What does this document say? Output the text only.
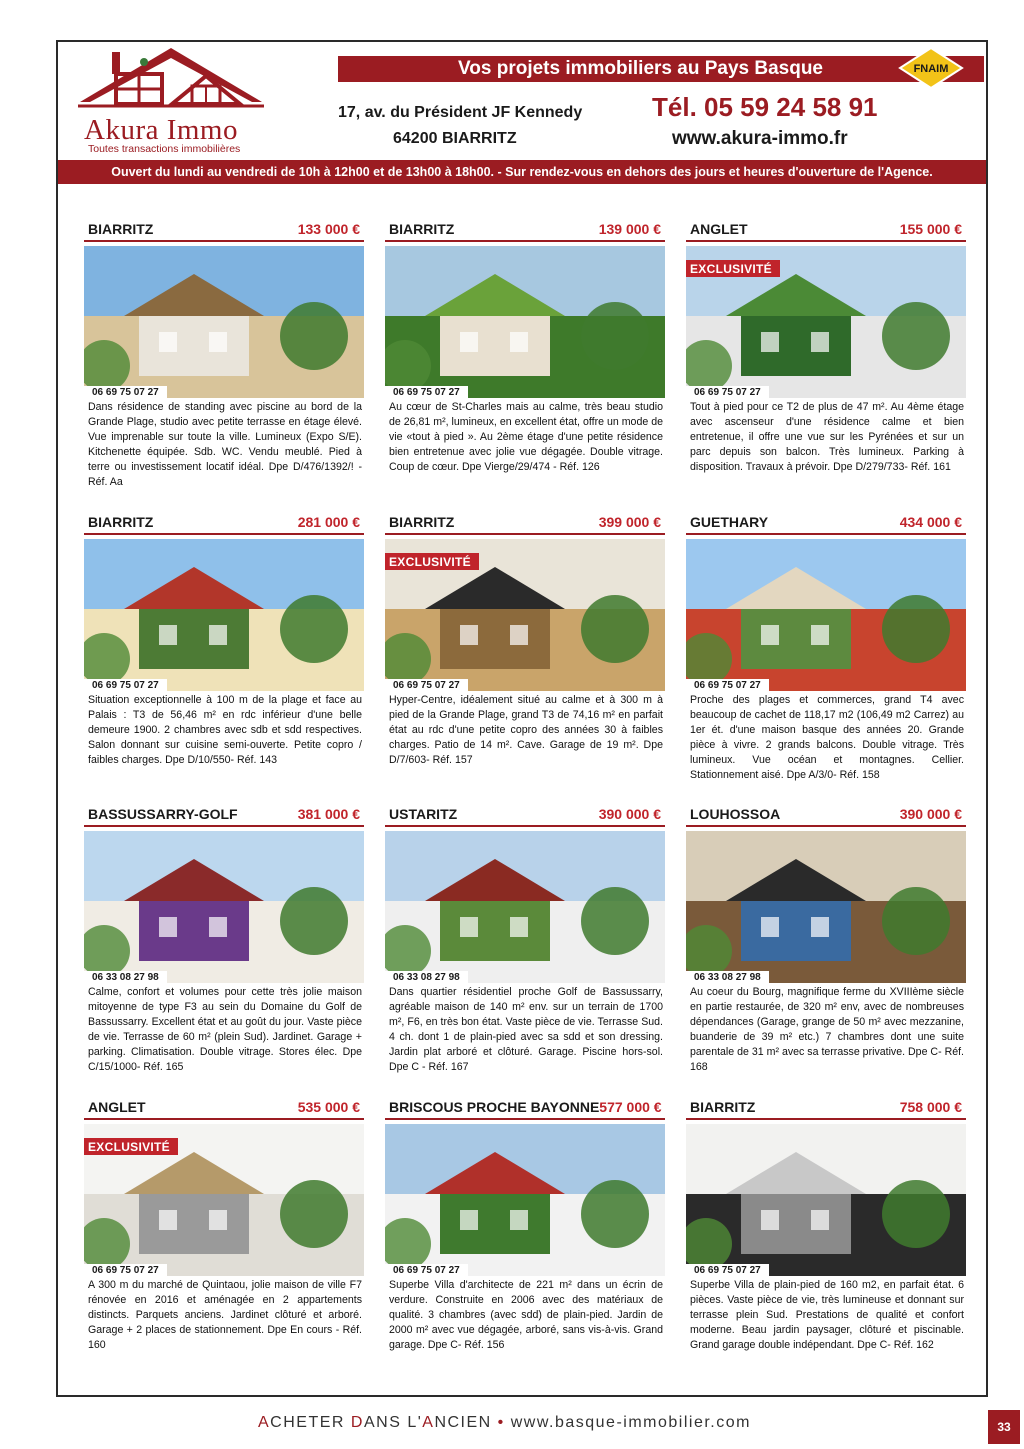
Akura Immo
Toutes transactions immobilières
Vos projets immobiliers au Pays Basque	FNAIM
17, av. du Président JF Kennedy
64200 BIARRITZ
Tél. 05 59 24 58 91
www.akura-immo.fr
Ouvert du lundi au vendredi de 10h à 12h00 et de 13h00 à 18h00. - Sur rendez-vous en dehors des jours et heures d'ouverture de l'Agence.
BIARRITZ	133 000 €
06 69 75 07 27
Dans résidence de standing avec piscine au bord de la Grande Plage, studio avec petite terrasse en étage élevé. Vue imprenable sur toute la ville. Lumineux (Expo S/E). Kitchenette équipée. Sdb. WC. Vendu meublé. Pied à terre ou investissement locatif idéal. Dpe D/476/1392/! - Réf. Aa
BIARRITZ	139 000 €
06 69 75 07 27
Au cœur de St-Charles mais au calme, très beau studio de 26,81 m², lumineux, en excellent état, offre un mode de vie «tout à pied ». Au 2ème étage d'une petite résidence bien entretenue avec jolie vue dégagée. Double vitrage. Coup de cœur. Dpe Vierge/29/474 - Réf. 126
ANGLET	155 000 €
EXCLUSIVITÉ
06 69 75 07 27
Tout à pied pour ce T2 de plus de 47 m². Au 4ème étage avec ascenseur d'une résidence calme et bien entretenue, il offre une vue sur les Pyrénées et sur un parc depuis son balcon. Très lumineux. Parking à disposition. Travaux à prévoir. Dpe D/279/733- Réf. 161
BIARRITZ	281 000 €
06 69 75 07 27
Situation exceptionnelle à 100 m de la plage et face au Palais : T3 de 56,46 m² en rdc inférieur d'une belle demeure 1900. 2 chambres avec sdb et sdd respectives. Salon donnant sur cuisine semi-ouverte. Petite copro / faibles charges. Dpe D/10/550- Réf. 143
BIARRITZ	399 000 €
EXCLUSIVITÉ
06 69 75 07 27
Hyper-Centre, idéalement situé au calme et à 300 m à pied de la Grande Plage, grand T3 de 74,16 m² en parfait état au rdc d'une petite copro des années 30 à faibles charges. Patio de 14 m². Cave. Garage de 19 m². Dpe D/7/603- Réf. 157
GUETHARY	434 000 €
06 69 75 07 27
Proche des plages et commerces, grand T4 avec beaucoup de cachet de 118,17 m2 (106,49 m2 Carrez) au 1er ét. d'une maison basque des années 20. Grande pièce à vivre. 2 grands balcons. Double vitrage. Très lumineux. Vue océan et montagnes. Cellier. Stationnement aisé. Dpe A/3/0- Réf. 158
BASSUSSARRY-GOLF	381 000 €
06 33 08 27 98
Calme, confort et volumes pour cette très jolie maison mitoyenne de type F3 au sein du Domaine du Golf de Bassussarry. Excellent état et au goût du jour. Vaste pièce de vie. Terrasse de 60 m² (plein Sud). Jardinet. Garage + parking. Climatisation. Double vitrage. Stores élec. Dpe C/15/1000- Réf. 165
USTARITZ	390 000 €
06 33 08 27 98
Dans quartier résidentiel proche Golf de Bassussarry, agréable maison de 140 m² env. sur un terrain de 1700 m², F6, en très bon état. Vaste pièce de vie. Terrasse Sud. 4 ch. dont 1 de plain-pied avec sa sdd et son dressing. Jardin plat arboré et clôturé. Garage. Piscine hors-sol. Dpe C - Réf. 167
LOUHOSSOA	390 000 €
06 33 08 27 98
Au coeur du Bourg, magnifique ferme du XVIIIème siècle en partie restaurée, de 320 m² env, avec de nombreuses dépendances (Garage, grange de 50 m² avec mezzanine, buanderie de 39 m² etc.) 7 chambres dont une suite parentale de 31 m² avec sa terrasse privative. Dpe C- Réf. 168
ANGLET	535 000 €
EXCLUSIVITÉ
06 69 75 07 27
A 300 m du marché de Quintaou, jolie maison de ville F7 rénovée en 2016 et aménagée en 2 appartements distincts. Parquets anciens. Jardinet clôturé et arboré. Garage + 2 places de stationnement. Dpe En cours - Réf. 160
BRISCOUS PROCHE BAYONNE 577 000 €
06 69 75 07 27
Superbe Villa d'architecte de 221 m² dans un écrin de verdure. Construite en 2006 avec des matériaux de qualité. 3 chambres (avec sdd) de plain-pied. Jardin de 2000 m² avec vue dégagée, arboré, sans vis-à-vis. Grand garage. Dpe C- Réf. 156
BIARRITZ	758 000 €
06 69 75 07 27
Superbe Villa de plain-pied de 160 m2, en parfait état. 6 pièces. Vaste pièce de vie, très lumineuse et donnant sur terrasse plein Sud. Prestations de qualité et confort moderne. Beau jardin paysager, clôturé et piscinable. Grand garage double indépendant. Dpe C- Réf. 162
ACHETER DANS L'ANCIEN • www.basque-immobilier.com	33
